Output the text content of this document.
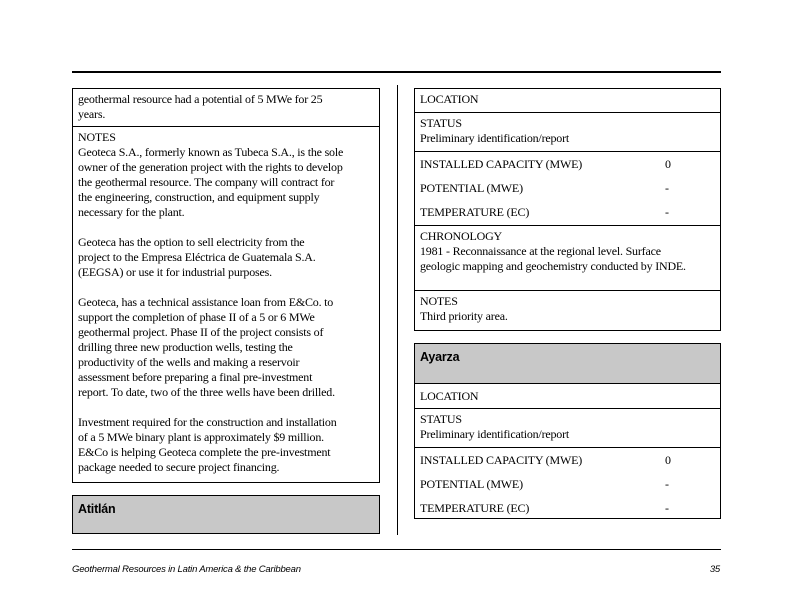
geothermal resource had a potential of 5 MWe for 25

years.

NOTES

Geoteca S.A., formerly known as Tubeca S.A., is the sole

owner of the generation project with the rights to develop

the geothermal resource. The company will contract for

the engineering, construction, and equipment supply

necessary for the plant.

Geoteca has the option to sell electricity from the

project to the Empresa Eléctrica de Guatemala S.A.

(EEGSA) or use it for industrial purposes.

Geoteca, has a technical assistance loan from E&Co. to

support the completion of phase II of a 5 or 6 MWe

geothermal project. Phase II of the project consists of

drilling three new production wells, testing the

productivity of the wells and making a reservoir

assessment before preparing a final pre-investment

report. To date, two of the three wells have been drilled.

Investment required for the construction and installation

of a 5 MWe binary plant is approximately $9 million.

E&Co is helping Geoteca complete the pre-investment

package needed to secure project financing.

Atitlán

LOCATION

STATUS

Preliminary identification/report

INSTALLED CAPACITY (MWE)	0
POTENTIAL (MWE)	-
TEMPERATURE (ЕC)	-

CHRONOLOGY

1981 - Reconnaissance at the regional level. Surface

geologic mapping and geochemistry conducted by INDE.

NOTES

Third priority area.

Ayarza

LOCATION

STATUS

Preliminary identification/report

INSTALLED CAPACITY (MWE)	0
POTENTIAL (MWE)	-
TEMPERATURE (ЕC)	-
Geothermal Resources in Latin America & the Caribbean	35
